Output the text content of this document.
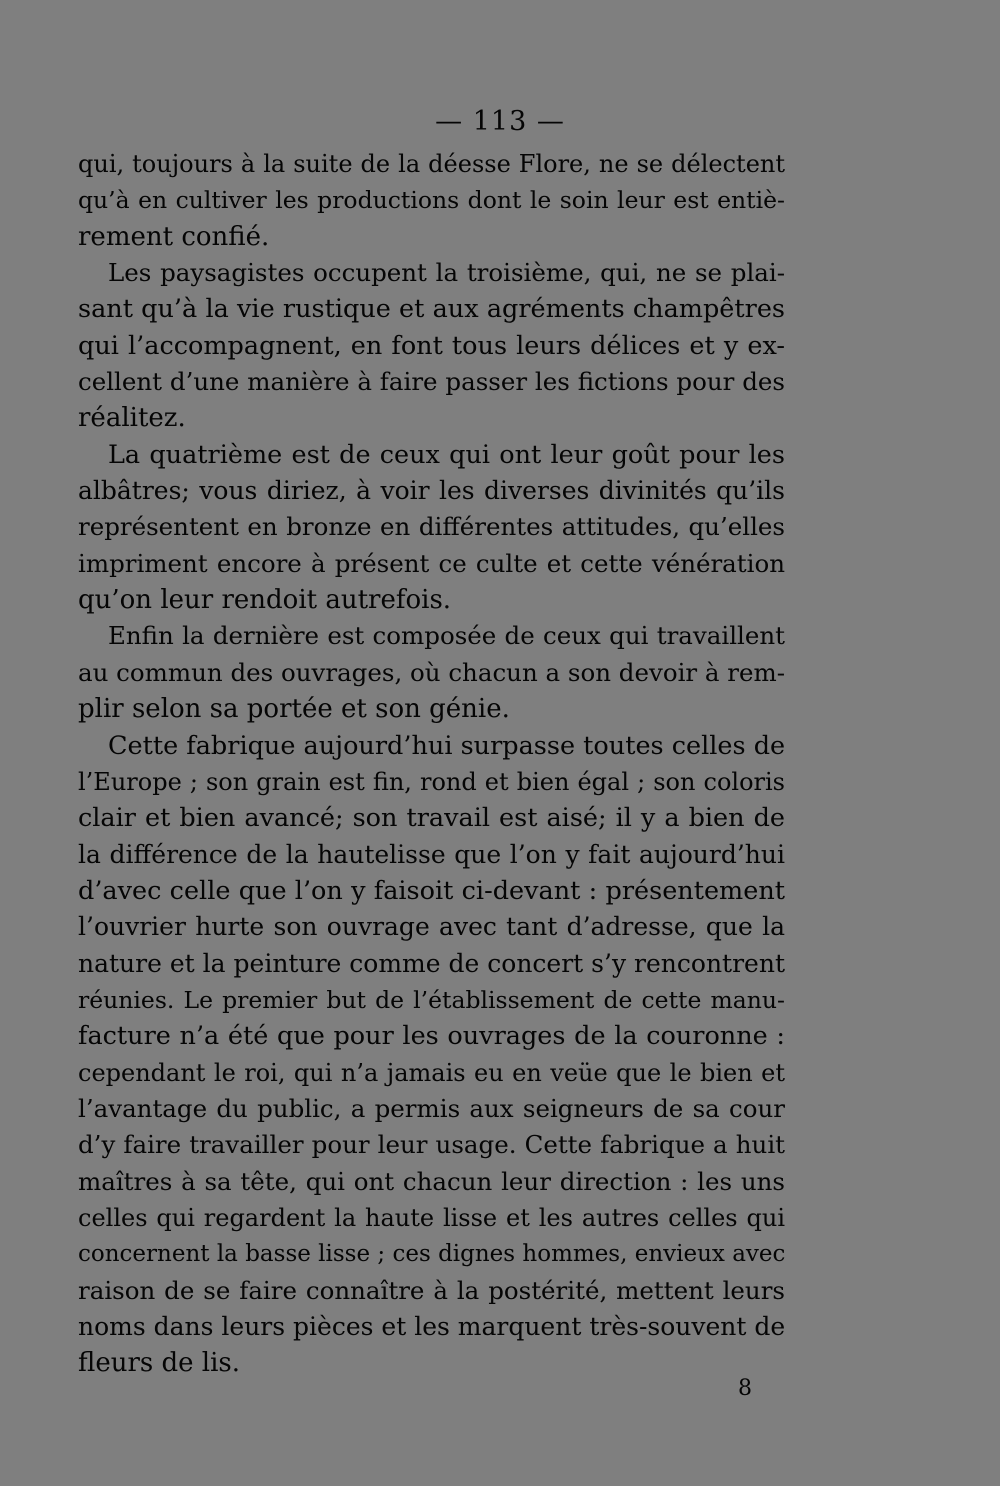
— 113 —
qui, toujours à la suite de la déesse Flore, ne se délectent
qu’à en cultiver les productions dont le soin leur est entiè-
rement confié.
Les paysagistes occupent la troisième, qui, ne se plai-
sant qu’à la vie rustique et aux agréments champêtres
qui l’accompagnent, en font tous leurs délices et y ex-
cellent d’une manière à faire passer les fictions pour des
réalitez.
La quatrième est de ceux qui ont leur goût pour les
albâtres; vous diriez, à voir les diverses divinités qu’ils
représentent en bronze en différentes attitudes, qu’elles
impriment encore à présent ce culte et cette vénération
qu’on leur rendoit autrefois.
Enfin la dernière est composée de ceux qui travaillent
au commun des ouvrages, où chacun a son devoir à rem-
plir selon sa portée et son génie.
Cette fabrique aujourd’hui surpasse toutes celles de
l’Europe ; son grain est fin, rond et bien égal ; son coloris
clair et bien avancé; son travail est aisé; il y a bien de
la différence de la hautelisse que l’on y fait aujourd’hui
d’avec celle que l’on y faisoit ci-devant : présentement
l’ouvrier hurte son ouvrage avec tant d’adresse, que la
nature et la peinture comme de concert s’y rencontrent
réunies. Le premier but de l’établissement de cette manu-
facture n’a été que pour les ouvrages de la couronne :
cependant le roi, qui n’a jamais eu en veüe que le bien et
l’avantage du public, a permis aux seigneurs de sa cour
d’y faire travailler pour leur usage. Cette fabrique a huit
maîtres à sa tête, qui ont chacun leur direction : les uns
celles qui regardent la haute lisse et les autres celles qui
concernent la basse lisse ; ces dignes hommes, envieux avec
raison de se faire connaître à la postérité, mettent leurs
noms dans leurs pièces et les marquent très-souvent de
fleurs de lis.
8
